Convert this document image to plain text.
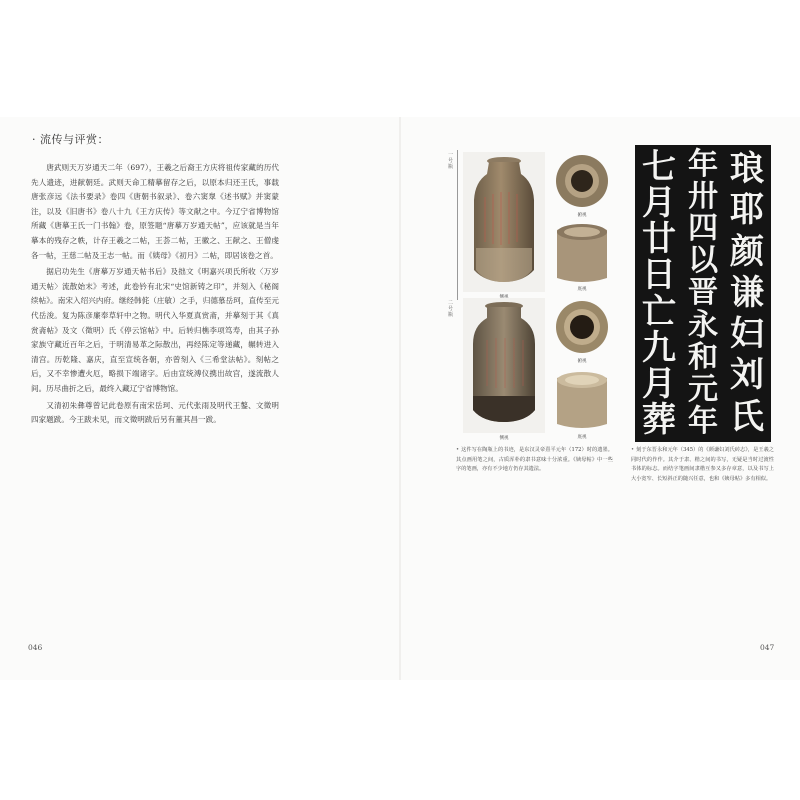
· 流传与评赏：

唐武则天万岁通天二年（697），王羲之后裔王方庆将祖传家藏的历代先人遗迹，进献朝廷。武则天命工精摹留存之后，以原本归还王氏，事载唐张彦远《法书要录》卷四《唐朝书叙录》、卷六窦臮《述书赋》并窦蒙注，以及《旧唐书》卷八十九《王方庆传》等文献之中。今辽宁省博物馆所藏《唐摹王氏一门书翰》卷，原签题“唐摹万岁通天帖”，应该就是当年摹本的残存之帙，计存王羲之二帖，王荟二帖，王徽之、王献之、王僧虔各一帖，王慈二帖及王志一帖。而《姨母》《初月》二帖，即居该卷之首。

据启功先生《唐摹万岁通天帖书后》及拙文《明嘉兴项氏所收〈万岁通天帖〉流散始末》考述，此卷钤有北宋“史馆新铸之印”，并刻入《秘阁续帖》。南宋入绍兴内府。继经韩侂（庄敏）之手，归德慕岳珂，直传至元代岳浚。复为陈彦廉奉草轩中之物。明代入华夏真赏斋，并摹刻于其《真赏斋帖》及文（徵明）氏《停云馆帖》中。后转归樵李项笃寿，由其子孙家族守藏近百年之后，于明清易革之际散出，再经陈定等递藏，辗转进入清宫。历乾隆、嘉庆，直至宣统各朝，亦曾刻入《三希堂法帖》。刻帖之后，又不幸惨遭火厄，略损下端诸字。后由宣统溥仪携出故宫，遂流散人间。历尽曲折之后，最终入藏辽宁省博物馆。

又清初朱彝尊曾记此卷原有南宋岳珂、元代张雨及明代王鏊、文徵明四家题跋。今王跋未见，而文徵明跋后另有董其昌一跋。

046
一号瓶
二号瓶
俯视
底视
侧视
俯视
底视
• 这件写在陶瓶上的书迹，是东汉灵帝熹平元年（172）时的遗墨。其点画用笔之间，古质浑朴的隶书意味十分浓重。《姨母帖》中一些字的笔画，亦有不少地方仍存其遗法。
琅
耶
颜
谦
妇
刘
氏
年
卅
四
以
晋
永
和
元
年
七
月
廿
日
亡
九
月
葬
• 刻于东晋永和元年（345）的《颜谦妇刘氏砖志》，是王羲之同时代的作作。其介于隶、楷之间的书写，无疑是当时过渡性书体的标志。而结字笔画间隶楷互参又多存章意，以及书写上大小宽窄、长短斜正的随兴任意，也和《姨母帖》多有相似。
047
